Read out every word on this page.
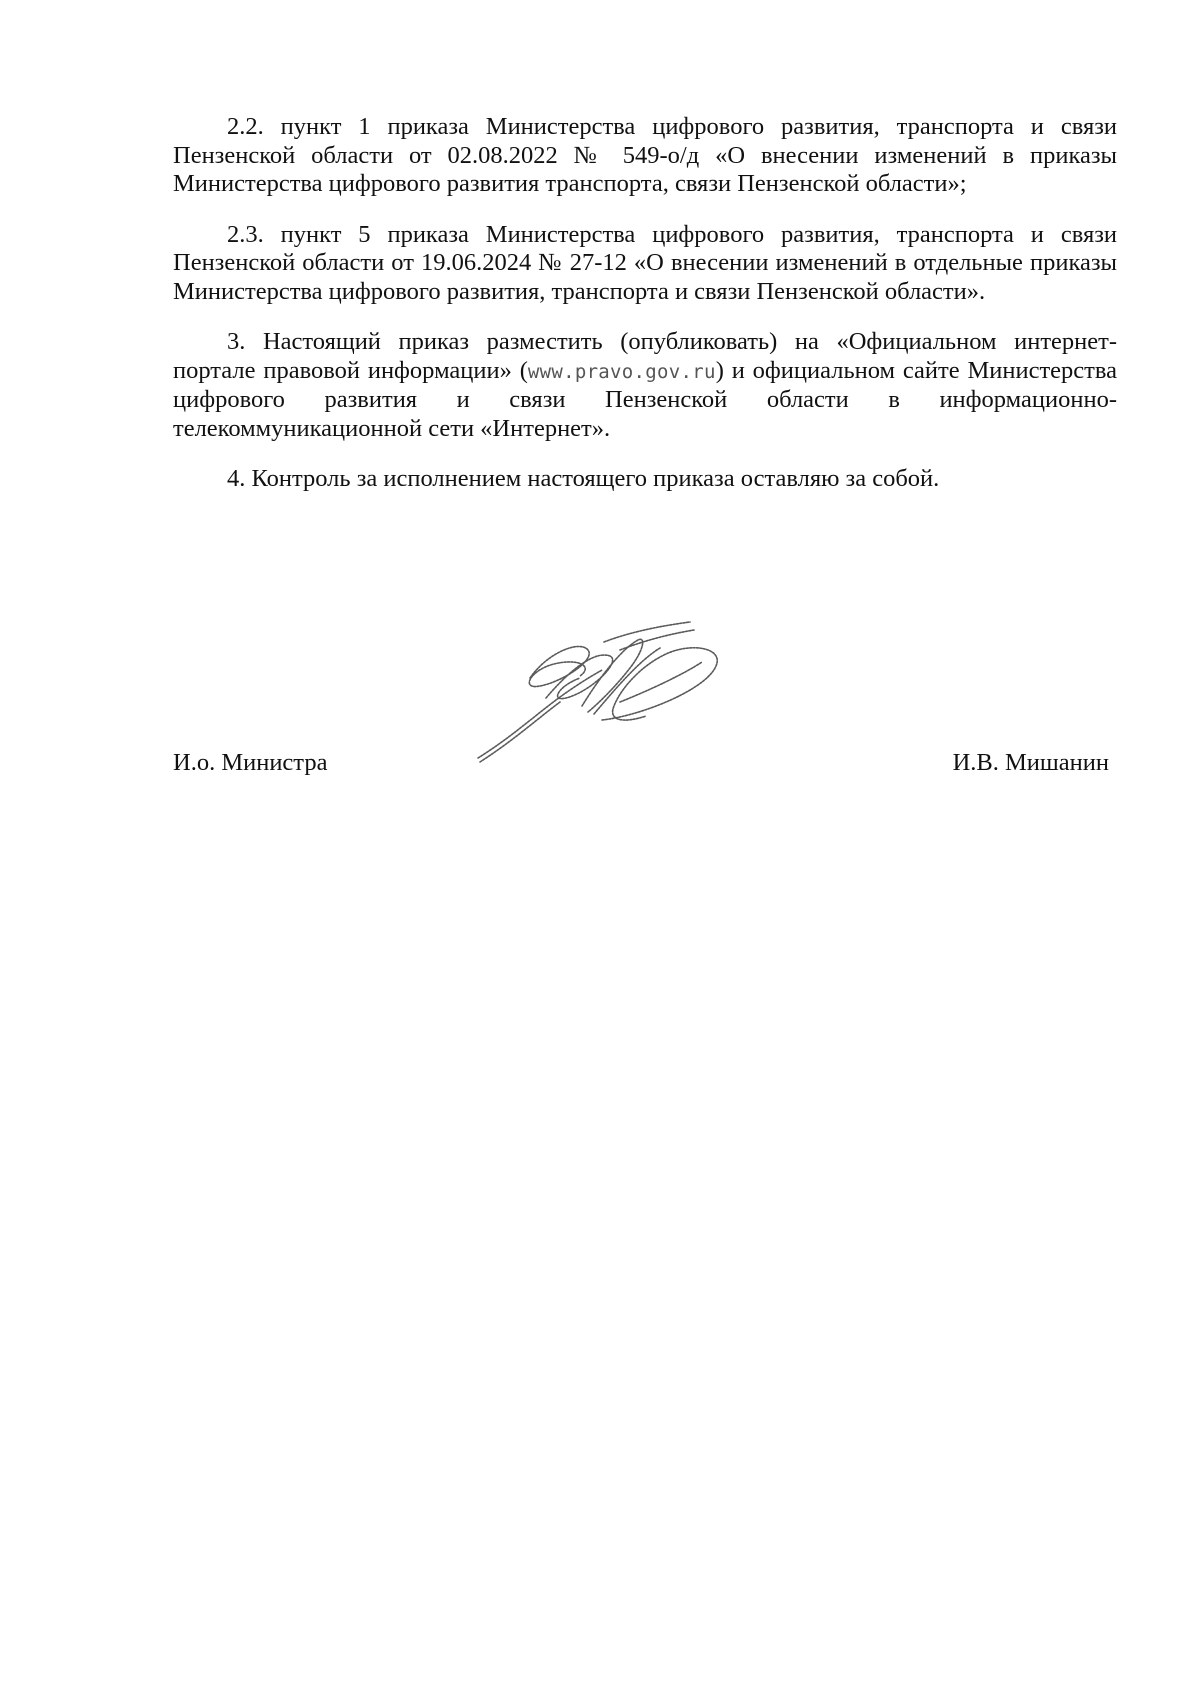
2.2. пункт 1 приказа Министерства цифрового развития, транспорта и связи Пензенской области от 02.08.2022 № 549-о/д «О внесении изменений в приказы Министерства цифрового развития транспорта, связи Пензенской области»;

2.3. пункт 5 приказа Министерства цифрового развития, транспорта и связи Пензенской области от 19.06.2024 № 27-12 «О внесении изменений в отдельные приказы Министерства цифрового развития, транспорта и связи Пензенской области».

3. Настоящий приказ разместить (опубликовать) на «Официальном интернет-портале правовой информации» (www.pravo.gov.ru) и официальном сайте Министерства цифрового развития и связи Пензенской области в информационно-телекоммуникационной сети «Интернет».

4. Контроль за исполнением настоящего приказа оставляю за собой.

И.о. Министра	И.В. Мишанин
